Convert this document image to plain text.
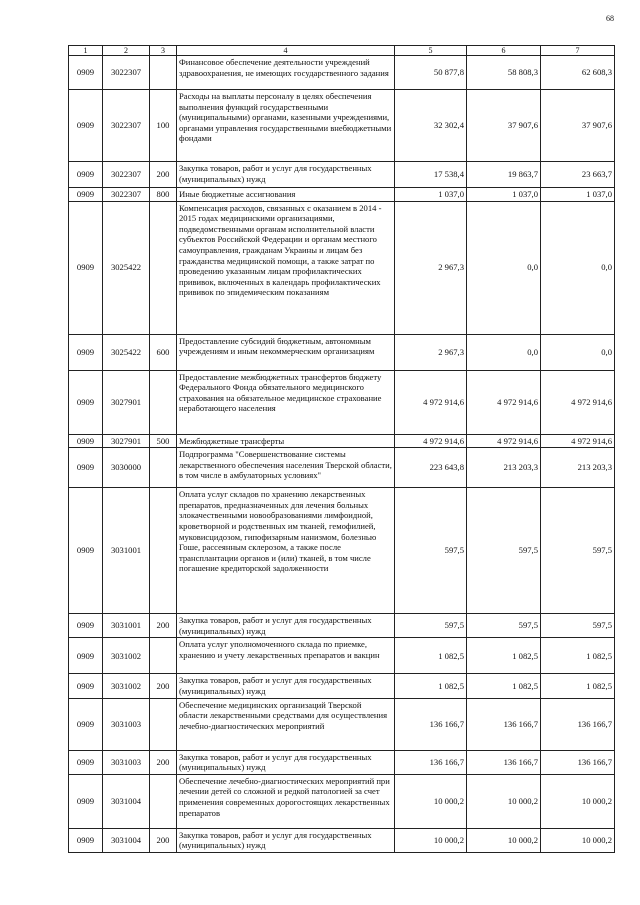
68
1	2	3	4	5	6	7
0909	3022307		Финансовое обеспечение деятельности учреждений здравоохранения, не имеющих государственного задания	50 877,8	58 808,3	62 608,3
0909	3022307	100	Расходы на выплаты персоналу в целях обеспечения выполнения функций государственными (муниципальными) органами, казенными учреждениями, органами управления государственными внебюджетными фондами	32 302,4	37 907,6	37 907,6
0909	3022307	200	Закупка товаров, работ и услуг для государственных (муниципальных) нужд	17 538,4	19 863,7	23 663,7
0909	3022307	800	Иные бюджетные ассигнования	1 037,0	1 037,0	1 037,0
0909	3025422		Компенсация расходов, связанных с оказанием в 2014 - 2015 годах медицинскими организациями, подведомственными органам исполнительной власти субъектов Российской Федерации и органам местного самоуправления, гражданам Украины и лицам без гражданства медицинской помощи, а также затрат по проведению указанным лицам профилактических прививок, включенных в календарь профилактических прививок по эпидемическим показаниям	2 967,3	0,0	0,0
0909	3025422	600	Предоставление субсидий бюджетным, автономным учреждениям и иным некоммерческим организациям	2 967,3	0,0	0,0
0909	3027901		Предоставление межбюджетных трансфертов бюджету Федерального Фонда обязательного медицинского страхования на обязательное медицинское страхование неработающего населения	4 972 914,6	4 972 914,6	4 972 914,6
0909	3027901	500	Межбюджетные трансферты	4 972 914,6	4 972 914,6	4 972 914,6
0909	3030000		Подпрограмма "Совершенствование системы лекарственного обеспечения населения Тверской области, в том числе в амбулаторных условиях"	223 643,8	213 203,3	213 203,3
0909	3031001		Оплата услуг складов по хранению лекарственных препаратов, предназначенных для лечения больных злокачественными новообразованиями лимфоидной, кроветворной и родственных им тканей, гемофилией, муковисцидозом, гипофизарным нанизмом, болезнью Гоше, рассеянным склерозом, а также после трансплантации органов и (или) тканей, в том числе погашение кредиторской задолженности	597,5	597,5	597,5
0909	3031001	200	Закупка товаров, работ и услуг для государственных (муниципальных) нужд	597,5	597,5	597,5
0909	3031002		Оплата услуг уполномоченного склада по приемке, хранению и учету лекарственных препаратов и вакцин	1 082,5	1 082,5	1 082,5
0909	3031002	200	Закупка товаров, работ и услуг для государственных (муниципальных) нужд	1 082,5	1 082,5	1 082,5
0909	3031003		Обеспечение медицинских организаций Тверской области лекарственными средствами для осуществления лечебно-диагностических мероприятий	136 166,7	136 166,7	136 166,7
0909	3031003	200	Закупка товаров, работ и услуг для государственных (муниципальных) нужд	136 166,7	136 166,7	136 166,7
0909	3031004		Обеспечение лечебно-диагностических мероприятий при лечении детей со сложной и редкой патологией за счет применения современных дорогостоящих лекарственных препаратов	10 000,2	10 000,2	10 000,2
0909	3031004	200	Закупка товаров, работ и услуг для государственных (муниципальных) нужд	10 000,2	10 000,2	10 000,2
